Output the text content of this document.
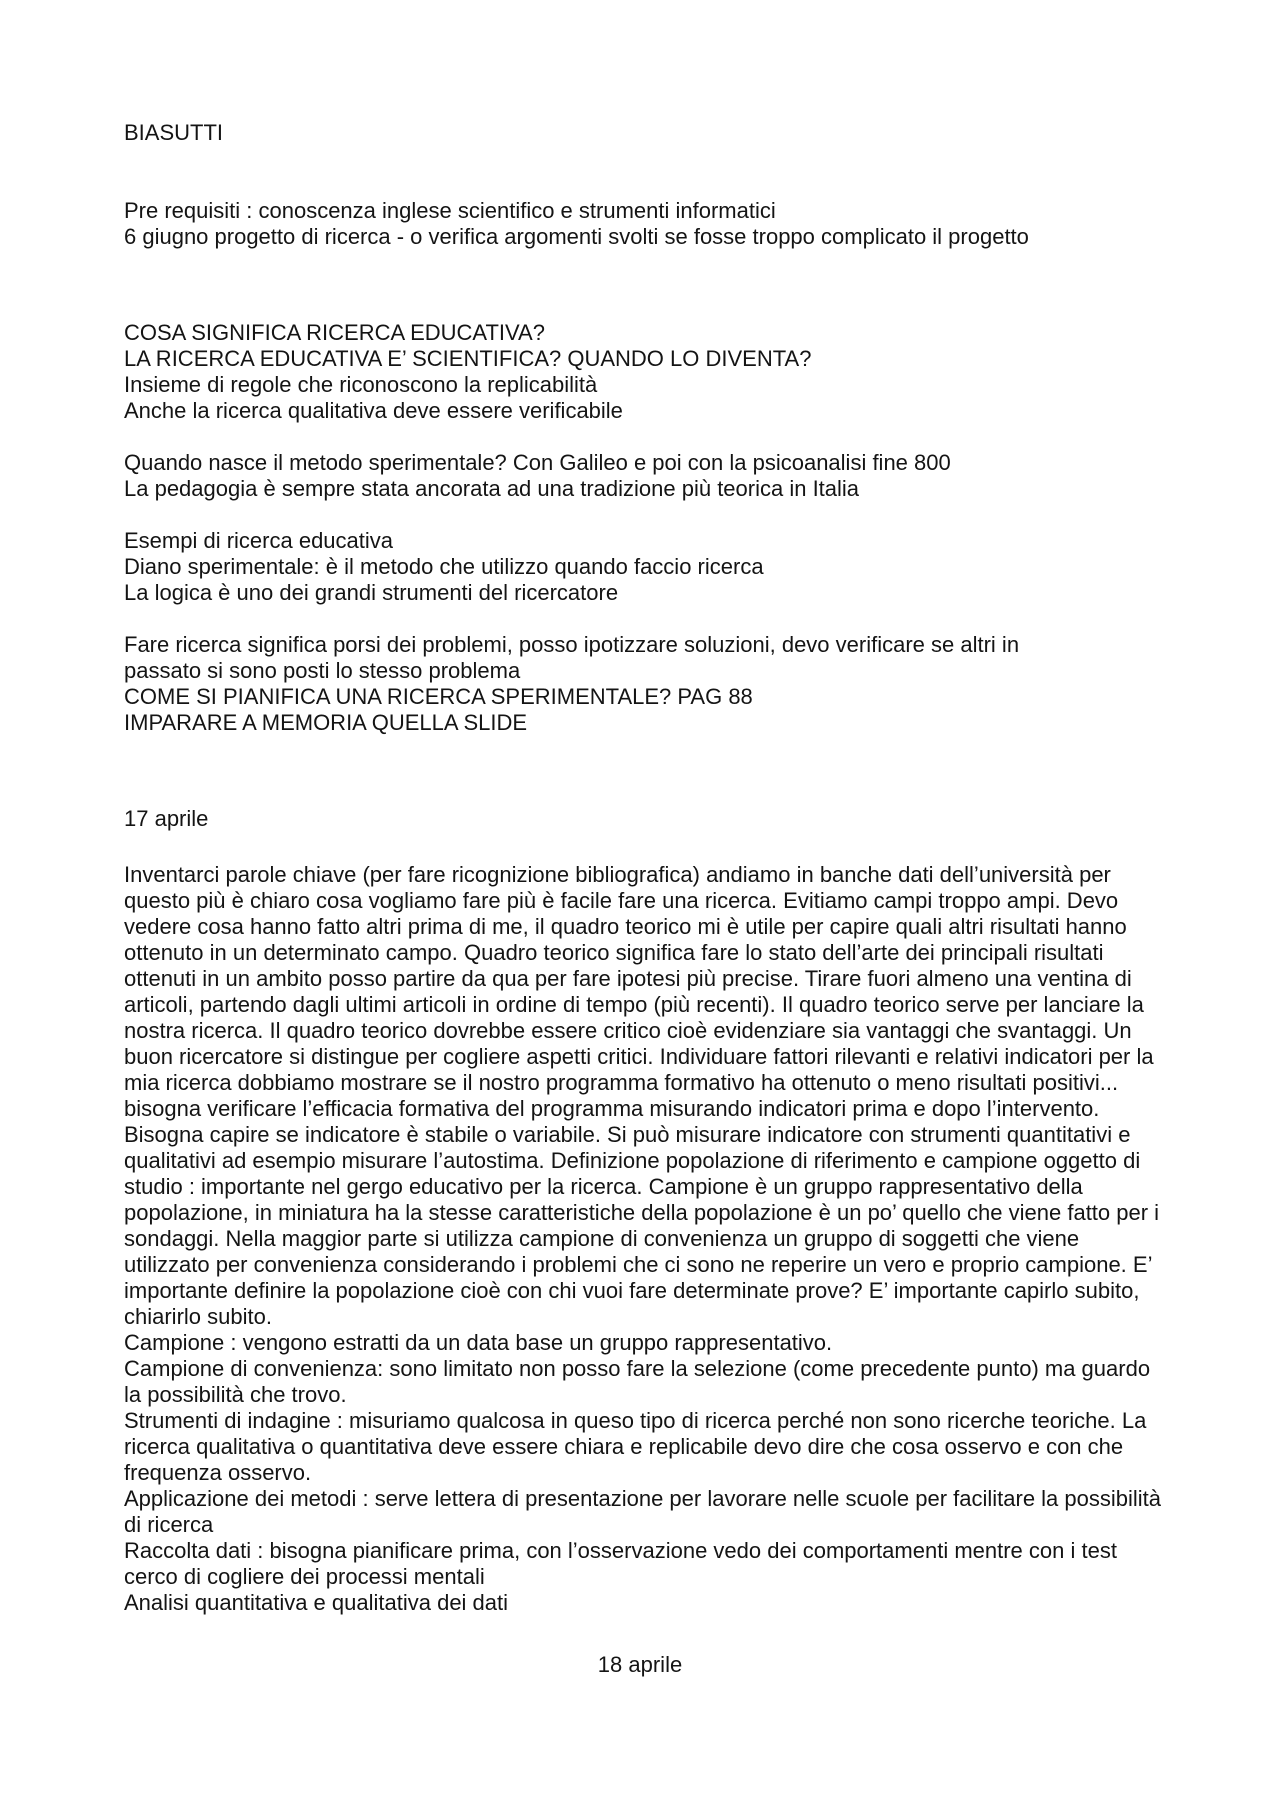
BIASUTTI

Pre requisiti : conoscenza inglese scientifico e strumenti informatici

6 giugno progetto di ricerca - o verifica argomenti svolti se fosse troppo complicato il progetto

COSA SIGNIFICA RICERCA EDUCATIVA?

LA RICERCA EDUCATIVA E’ SCIENTIFICA? QUANDO LO DIVENTA?

Insieme di regole che riconoscono la replicabilità

Anche la ricerca qualitativa deve essere verificabile

Quando nasce il metodo sperimentale? Con Galileo e poi con la psicoanalisi fine 800

La pedagogia è sempre stata ancorata ad una tradizione più teorica in Italia

Esempi di ricerca educativa

Diano sperimentale: è il metodo che utilizzo quando faccio ricerca

La logica è uno dei grandi strumenti del ricercatore

Fare ricerca significa porsi dei problemi, posso ipotizzare soluzioni, devo verificare se altri in

passato si sono posti lo stesso problema

COME SI PIANIFICA UNA RICERCA SPERIMENTALE? PAG 88

IMPARARE A MEMORIA QUELLA SLIDE

17 aprile

Inventarci parole chiave (per fare ricognizione bibliografica) andiamo in banche dati dell’università per questo più è chiaro cosa vogliamo fare più è facile fare una ricerca. Evitiamo campi troppo ampi. Devo vedere cosa hanno fatto altri prima di me, il quadro teorico mi è utile per capire quali altri risultati hanno ottenuto in un determinato campo. Quadro teorico significa fare lo stato dell’arte dei principali risultati ottenuti in un ambito posso partire da qua per fare ipotesi più precise. Tirare fuori almeno una ventina di articoli, partendo dagli ultimi articoli in ordine di tempo (più recenti). Il quadro teorico serve per lanciare la nostra ricerca. Il quadro teorico dovrebbe essere critico cioè evidenziare sia vantaggi che svantaggi. Un buon ricercatore si distingue per cogliere aspetti critici. Individuare fattori rilevanti e relativi indicatori per la mia ricerca dobbiamo mostrare se il nostro programma formativo ha ottenuto o meno risultati positivi... bisogna verificare l’efficacia formativa del programma misurando indicatori prima e dopo l’intervento. Bisogna capire se indicatore è stabile o variabile. Si può misurare indicatore con strumenti quantitativi e qualitativi ad esempio misurare l’autostima. Definizione popolazione di riferimento e campione oggetto di studio : importante nel gergo educativo per la ricerca. Campione è un gruppo rappresentativo della popolazione, in miniatura ha la stesse caratteristiche della popolazione è un po’ quello che viene fatto per i sondaggi. Nella maggior parte si utilizza campione di convenienza un gruppo di soggetti che viene utilizzato per convenienza considerando i problemi che ci sono ne reperire un vero e proprio campione. E’ importante definire la popolazione cioè con chi vuoi fare determinate prove? E’ importante capirlo subito, chiarirlo subito.

Campione : vengono estratti da un data base un gruppo rappresentativo.

Campione di convenienza: sono limitato non posso fare la selezione (come precedente punto) ma guardo la possibilità che trovo.

Strumenti di indagine : misuriamo qualcosa in queso tipo di ricerca perché non sono ricerche teoriche. La ricerca qualitativa o quantitativa deve essere chiara e replicabile devo dire che cosa osservo e con che frequenza osservo.

Applicazione dei metodi : serve lettera di presentazione per lavorare nelle scuole per facilitare la possibilità di ricerca

Raccolta dati : bisogna pianificare prima, con l’osservazione vedo dei comportamenti mentre con i test cerco di cogliere dei processi mentali

Analisi quantitativa e qualitativa dei dati

18 aprile
